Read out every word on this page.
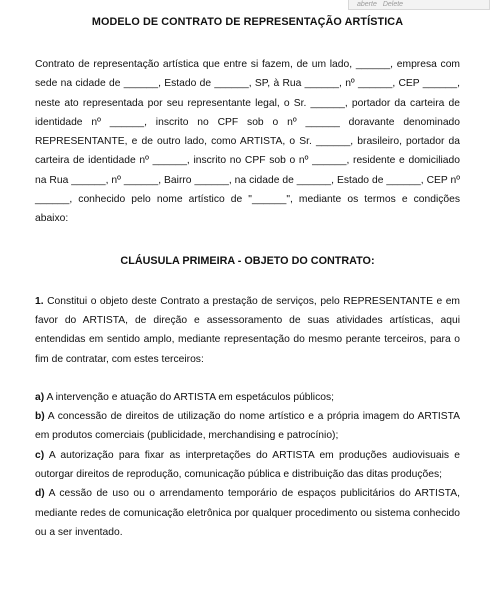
aberte Delete
MODELO DE CONTRATO DE REPRESENTAÇÃO ARTÍSTICA

Contrato de representação artística que entre si fazem, de um lado, ______, empresa com sede na cidade de ______, Estado de ______, SP, à Rua ______, nº ______, CEP ______, neste ato representada por seu representante legal, o Sr. ______, portador da carteira de identidade nº ______, inscrito no CPF sob o nº ______ doravante denominado REPRESENTANTE, e de outro lado, como ARTISTA, o Sr. ______, brasileiro, portador da carteira de identidade nº ______, inscrito no CPF sob o nº ______, residente e domiciliado na Rua ______, nº ______, Bairro ______, na cidade de ______, Estado de ______, CEP nº ______, conhecido pelo nome artístico de "______", mediante os termos e condições abaixo:

CLÁUSULA PRIMEIRA - OBJETO DO CONTRATO:

1. Constitui o objeto deste Contrato a prestação de serviços, pelo REPRESENTANTE e em favor do ARTISTA, de direção e assessoramento de suas atividades artísticas, aqui entendidas em sentido amplo, mediante representação do mesmo perante terceiros, para o fim de contratar, com estes terceiros:

a) A intervenção e atuação do ARTISTA em espetáculos públicos;

b) A concessão de direitos de utilização do nome artístico e a própria imagem do ARTISTA em produtos comerciais (publicidade, merchandising e patrocínio);

c) A autorização para fixar as interpretações do ARTISTA em produções audiovisuais e outorgar direitos de reprodução, comunicação pública e distribuição das ditas produções;

d) A cessão de uso ou o arrendamento temporário de espaços publicitários do ARTISTA, mediante redes de comunicação eletrônica por qualquer procedimento ou sistema conhecido ou a ser inventado.
